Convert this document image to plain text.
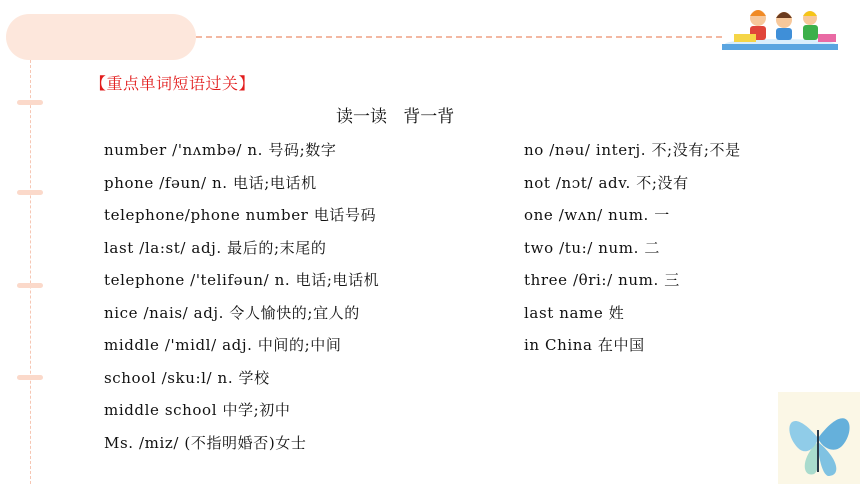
【重点单词短语过关】
读一读   背一背
number /'nʌmbə/ n. 号码;数字
phone /fəun/ n. 电话;电话机
telephone/phone number 电话号码
last /la:st/ adj. 最后的;末尾的
telephone /'telifəun/ n. 电话;电话机
nice /nais/ adj. 令人愉快的;宜人的
middle /'midl/ adj. 中间的;中间
school /sku:l/ n. 学校
middle school 中学;初中
Ms. /miz/ (不指明婚否)女士
no /nəu/ interj. 不;没有;不是
not /nɔt/ adv. 不;没有
one /wʌn/ num. 一
two /tu:/ num. 二
three /θri:/ num. 三
last name 姓
in China 在中国
